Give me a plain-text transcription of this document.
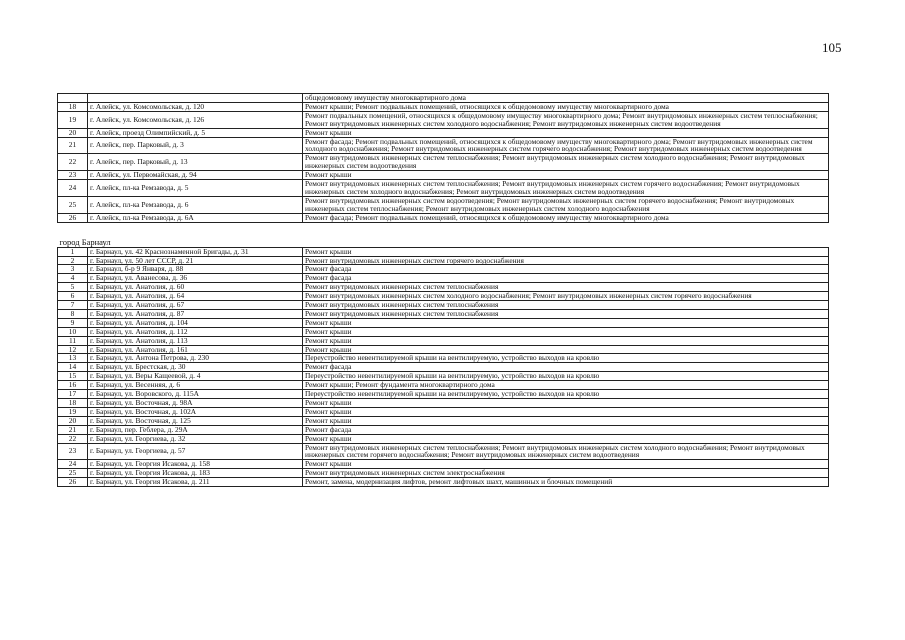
105
		общедомовому имуществу многоквартирного дома
18	г. Алейск, ул. Комсомольская, д. 120	Ремонт крыши; Ремонт подвальных помещений, относящихся к общедомовому имуществу многоквартирного дома
19	г. Алейск, ул. Комсомольская, д. 126	Ремонт подвальных помещений, относящихся к общедомовому имуществу многоквартирного дома; Ремонт внутридомовых инженерных систем теплоснабжения; Ремонт внутридомовых инженерных систем холодного водоснабжения; Ремонт внутридомовых инженерных систем водоотведения
20	г. Алейск, проезд Олимпийский, д. 5	Ремонт крыши
21	г. Алейск, пер. Парковый, д. 3	Ремонт фасада; Ремонт подвальных помещений, относящихся к общедомовому имуществу многоквартирного дома; Ремонт внутридомовых инженерных систем холодного водоснабжения; Ремонт внутридомовых инженерных систем горячего водоснабжения; Ремонт внутридомовых инженерных систем водоотведения
22	г. Алейск, пер. Парковый, д. 13	Ремонт внутридомовых инженерных систем теплоснабжения; Ремонт внутридомовых инженерных систем холодного водоснабжения; Ремонт внутридомовых инженерных систем водоотведения
23	г. Алейск, ул. Первомайская, д. 94	Ремонт крыши
24	г. Алейск, пл-ка Ремзавода, д. 5	Ремонт внутридомовых инженерных систем теплоснабжения; Ремонт внутридомовых инженерных систем горячего водоснабжения; Ремонт внутридомовых инженерных систем холодного водоснабжения; Ремонт внутридомовых инженерных систем водоотведения
25	г. Алейск, пл-ка Ремзавода, д. 6	Ремонт внутридомовых инженерных систем водоотведения; Ремонт внутридомовых инженерных систем горячего водоснабжения; Ремонт внутридомовых инженерных систем теплоснабжения; Ремонт внутридомовых инженерных систем холодного водоснабжения
26	г. Алейск, пл-ка Ремзавода, д. 6А	Ремонт фасада; Ремонт подвальных помещений, относящихся к общедомовому имуществу многоквартирного дома
город Барнаул		
1	г. Барнаул, ул. 42 Краснознаменной Бригады, д. 31	Ремонт крыши
2	г. Барнаул, ул. 50 лет СССР, д. 21	Ремонт внутридомовых инженерных систем горячего водоснабжения
3	г. Барнаул, б-р 9 Января, д. 88	Ремонт фасада
4	г. Барнаул, ул. Аванесова, д. 36	Ремонт фасада
5	г. Барнаул, ул. Анатолия, д. 60	Ремонт внутридомовых инженерных систем теплоснабжения
6	г. Барнаул, ул. Анатолия, д. 64	Ремонт внутридомовых инженерных систем холодного водоснабжения; Ремонт внутридомовых инженерных систем горячего водоснабжения
7	г. Барнаул, ул. Анатолия, д. 67	Ремонт внутридомовых инженерных систем теплоснабжения
8	г. Барнаул, ул. Анатолия, д. 87	Ремонт внутридомовых инженерных систем теплоснабжения
9	г. Барнаул, ул. Анатолия, д. 104	Ремонт крыши
10	г. Барнаул, ул. Анатолия, д. 112	Ремонт крыши
11	г. Барнаул, ул. Анатолия, д. 113	Ремонт крыши
12	г. Барнаул, ул. Анатолия, д. 161	Ремонт крыши
13	г. Барнаул, ул. Антона Петрова, д. 230	Переустройство невентилируемой крыши на вентилируемую, устройство выходов на кровлю
14	г. Барнаул, ул. Брестская, д. 30	Ремонт фасада
15	г. Барнаул, ул. Веры Кащеевой, д. 4	Переустройство невентилируемой крыши на вентилируемую, устройство выходов на кровлю
16	г. Барнаул, ул. Весенняя, д. 6	Ремонт крыши; Ремонт фундамента многоквартирного дома
17	г. Барнаул, ул. Воровского, д. 115А	Переустройство невентилируемой крыши на вентилируемую, устройство выходов на кровлю
18	г. Барнаул, ул. Восточная, д. 98А	Ремонт крыши
19	г. Барнаул, ул. Восточная, д. 102А	Ремонт крыши
20	г. Барнаул, ул. Восточная, д. 125	Ремонт крыши
21	г. Барнаул, пер. Геблера, д. 29А	Ремонт фасада
22	г. Барнаул, ул. Георгиева, д. 32	Ремонт крыши
23	г. Барнаул, ул. Георгиева, д. 57	Ремонт внутридомовых инженерных систем теплоснабжения; Ремонт внутридомовых инженерных систем холодного водоснабжения; Ремонт внутридомовых инженерных систем горячего водоснабжения; Ремонт внутридомовых инженерных систем водоотведения
24	г. Барнаул, ул. Георгия Исакова, д. 158	Ремонт крыши
25	г. Барнаул, ул. Георгия Исакова, д. 183	Ремонт внутридомовых инженерных систем электроснабжения
26	г. Барнаул, ул. Георгия Исакова, д. 211	Ремонт, замена, модернизация лифтов, ремонт лифтовых шахт, машинных и блочных помещений
